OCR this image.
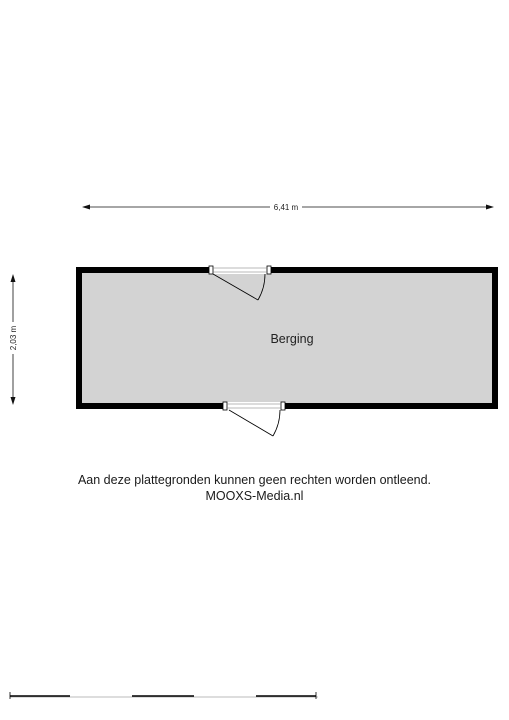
6,41 m
2,03 m	Berging
Aan deze plattegronden kunnen geen rechten worden ontleend.
MOOXS-Media.nl
